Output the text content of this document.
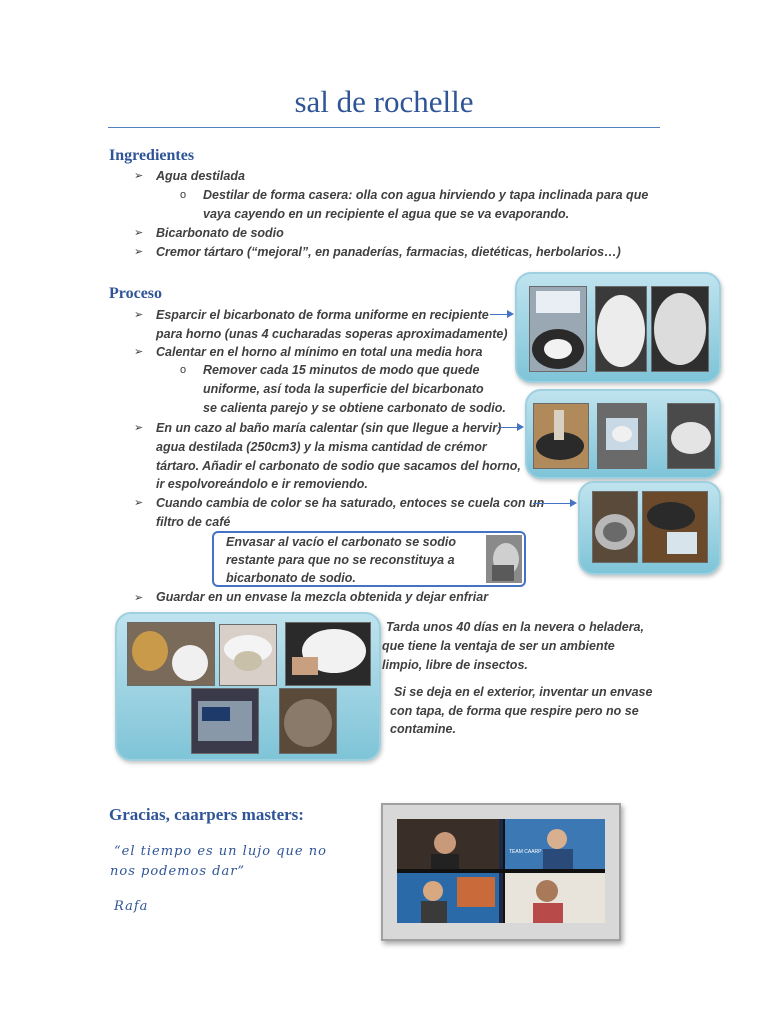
sal de rochelle
Ingredientes
➢ Agua destilada
o Destilar de forma casera: olla con agua hirviendo y tapa inclinada para que
vaya cayendo en un recipiente el agua que se va evaporando.
➢ Bicarbonato de sodio
➢ Cremor tártaro (“mejoral”, en panaderías, farmacias, dietéticas, herbolarios…)
Proceso
➢ Esparcir el bicarbonato de forma uniforme en recipiente
para horno (unas 4 cucharadas soperas aproximadamente)
➢ Calentar en el horno al mínimo en total una media hora
o Remover cada 15 minutos de modo que quede
uniforme, así toda la superficie del bicarbonato
se calienta parejo y se obtiene carbonato de sodio.
➢ En un cazo al baño maría calentar (sin que llegue a hervir)
agua destilada (250cm3) y la misma cantidad de crémor
tártaro. Añadir el carbonato de sodio que sacamos del horno,
ir espolvoreándolo e ir removiendo.
➢ Cuando cambia de color se ha saturado, entoces se cuela con un
filtro de café
Envasar al vacío el carbonato se sodio
restante para que no se reconstituya a
bicarbonato de sodio.
➢ Guardar en un envase la mezcla obtenida y dejar enfriar
Tarda unos 40 días en la nevera o heladera,
que tiene la ventaja de ser un ambiente
limpio, libre de insectos.
Si se deja en el exterior, inventar un envase
con tapa, de forma que respire pero no se
contamine.
Gracias, caarpers masters:
“el tiempo es un lujo que no
nos podemos dar”
Rafa
TEAM CAARP
